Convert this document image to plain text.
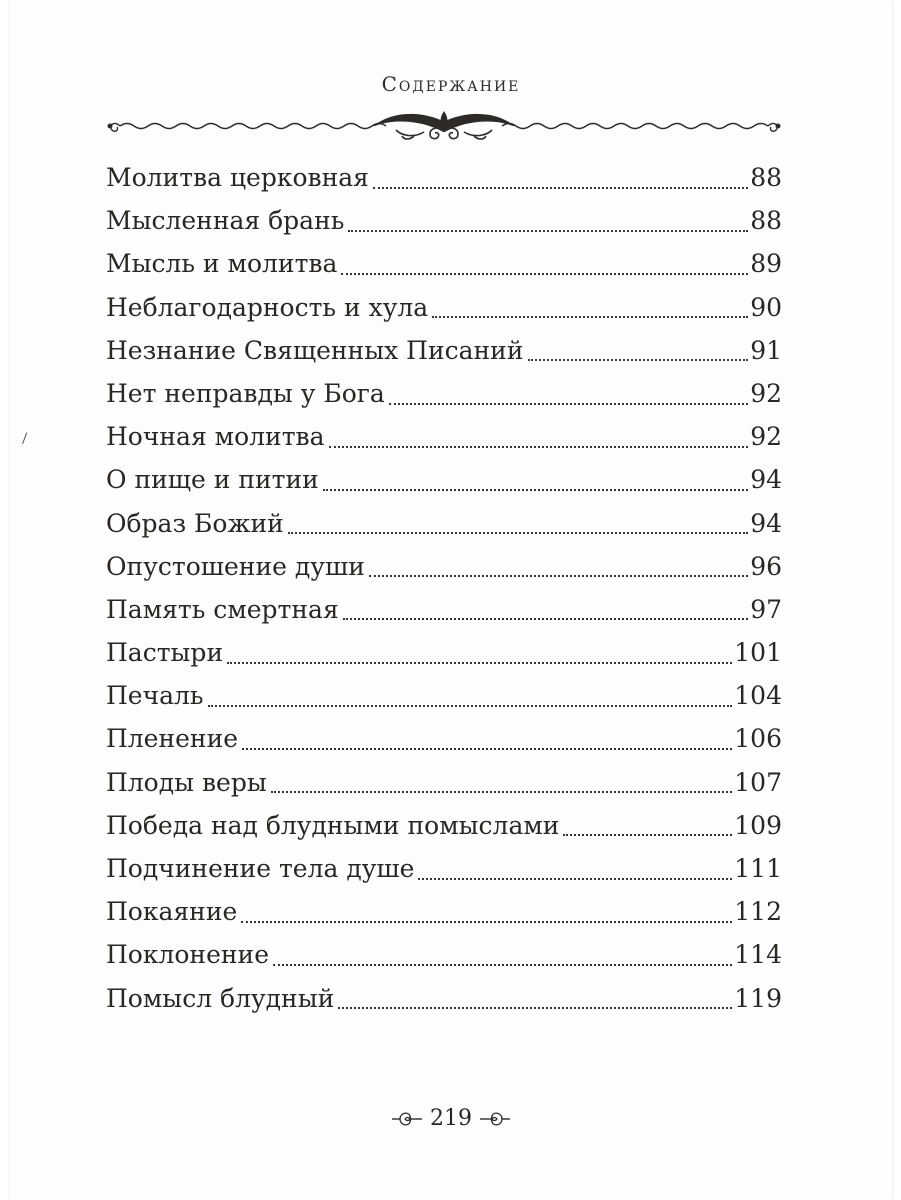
Содержание
Молитва церковная	88
Мысленная брань	88
Мысль и молитва	89
Неблагодарность и хула	90
Незнание Священных Писаний	91
Нет неправды у Бога	92
Ночная молитва	92
О пище и питии	94
Образ Божий	94
Опустошение души	96
Память смертная	97
Пастыри	101
Печаль	104
Пленение	106
Плоды веры	107
Победа над блудными помыслами	109
Подчинение тела душе	111
Покаяние	112
Поклонение	114
Помысл блудный	119
219
